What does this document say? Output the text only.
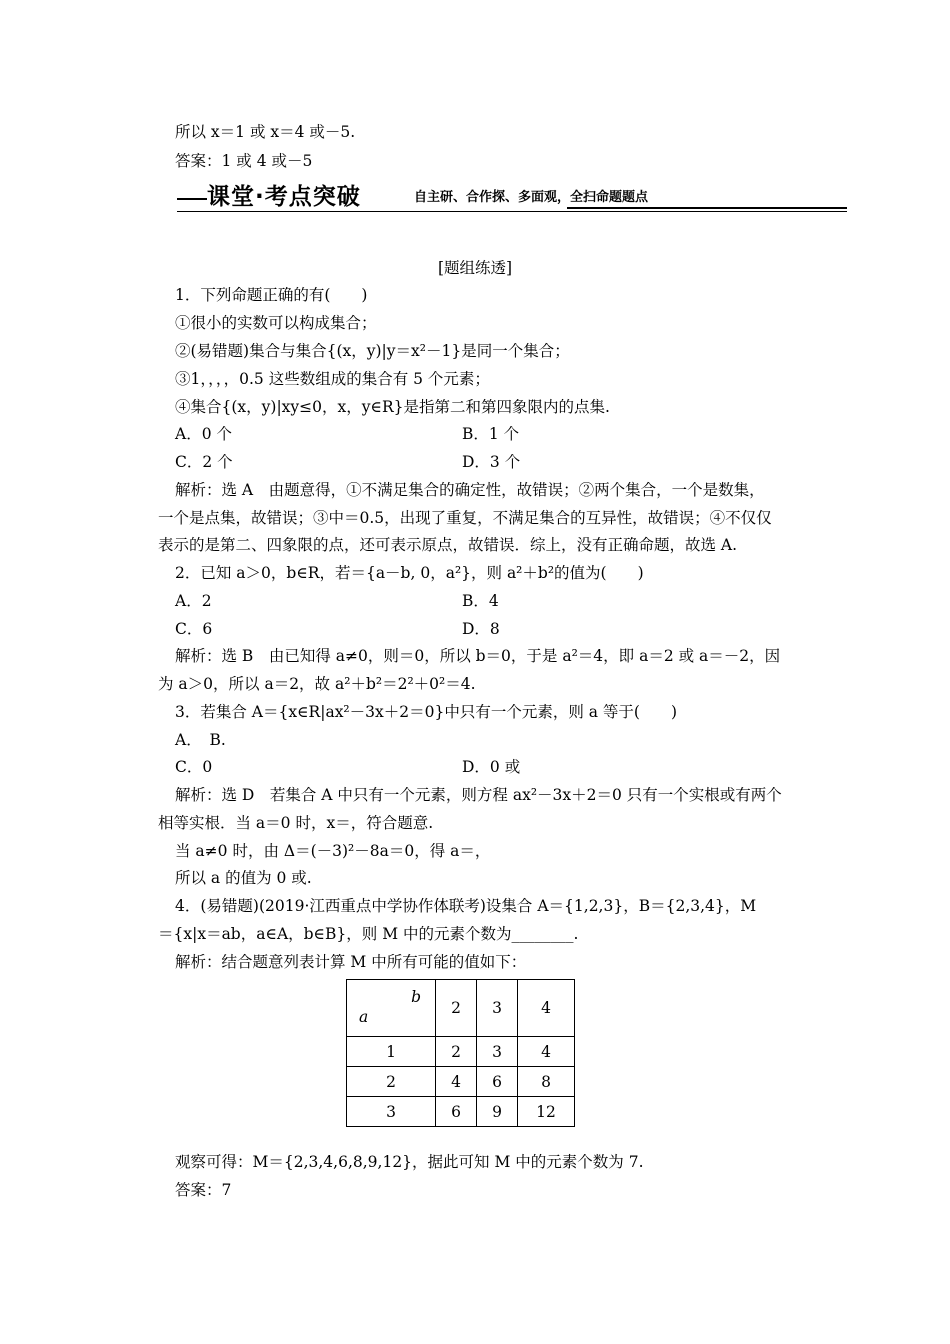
所以 x＝1 或 x＝4 或－5.
答案：1 或 4 或－5
课堂·考点突破	自主研、合作探、多面观，全扫命题题点
[题组练透]
1．下列命题正确的有(　　)
①很小的实数可以构成集合；
②(易错题)集合与集合{(x，y)|y＝x²－1}是同一个集合；
③1，，，，0.5 这些数组成的集合有 5 个元素；
④集合{(x，y)|xy≤0，x，y∈R}是指第二和第四象限内的点集.
A．0 个	B．1 个
C．2 个	D．3 个
解析：选 A　由题意得，①不满足集合的确定性，故错误；②两个集合，一个是数集，
一个是点集，故错误；③中＝0.5，出现了重复，不满足集合的互异性，故错误；④不仅仅
表示的是第二、四象限的点，还可表示原点，故错误．综上，没有正确命题，故选 A.
2．已知 a＞0，b∈R，若＝{a－b, 0，a²}，则 a²＋b²的值为(　　)
A．2	B．4
C．6	D．8
解析：选 B　由已知得 a≠0，则＝0，所以 b＝0，于是 a²＝4，即 a＝2 或 a＝－2，因
为 a＞0，所以 a＝2，故 a²＋b²＝2²＋0²＝4.
3．若集合 A＝{x∈R|ax²－3x＋2＝0}中只有一个元素，则 a 等于(　　)
A．　B.
C．0	D．0 或
解析：选 D　若集合 A 中只有一个元素，则方程 ax²－3x＋2＝0 只有一个实根或有两个
相等实根．当 a＝0 时，x＝，符合题意.
当 a≠0 时，由 Δ＝(－3)²－8a＝0，得 a＝，
所以 a 的值为 0 或.
4．(易错题)(2019·江西重点中学协作体联考)设集合 A＝{1,2,3}，B＝{2,3,4}，M
＝{x|x＝ab，a∈A，b∈B}，则 M 中的元素个数为________.
解析：结合题意列表计算 M 中所有可能的值如下：
b
a	2	3	4
1	2	3	4
2	4	6	8
3	6	9	12
观察可得：M＝{2,3,4,6,8,9,12}，据此可知 M 中的元素个数为 7.
答案：7
